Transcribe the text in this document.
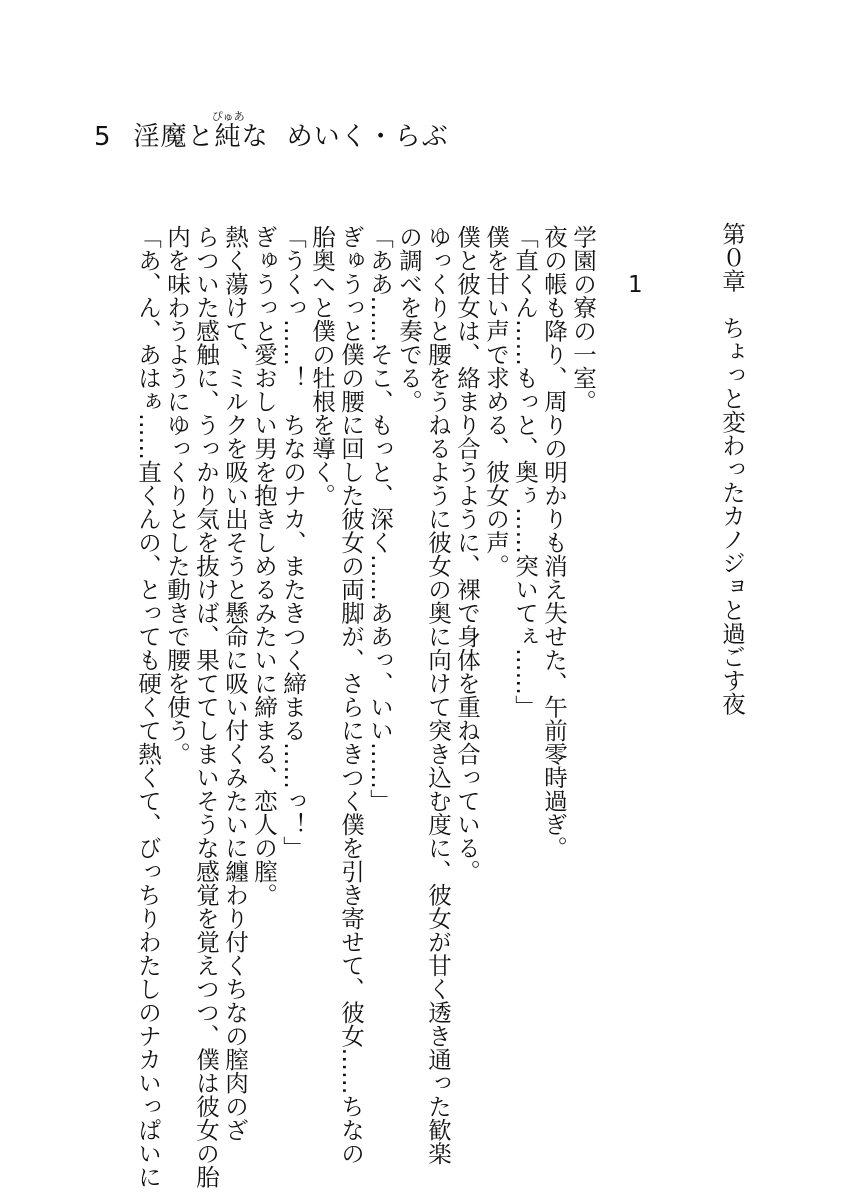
5 淫魔と純ぴゅあな めいく・らぶ
第０章　ちょっと変わったカノジョと過ごす夜
1
学園の寮の一室。
夜の帳も降り、周りの明かりも消え失せた、午前零時過ぎ。
「直くん……もっと、奥ぅ……突いてぇ……」
僕を甘い声で求める、彼女の声。
僕と彼女は、絡まり合うように、裸で身体を重ね合っている。
ゆっくりと腰をうねるように彼女の奥に向けて突き込む度に、彼女が甘く透き通った歓楽
の調べを奏でる。
「ああ……そこ、もっと、深く……ああっ、いい……」
ぎゅうっと僕の腰に回した彼女の両脚が、さらにきつく僕を引き寄せて、彼女……ちなの
胎奥へと僕の牡根を導く。
「うくっ……！　ちなのナカ、またきつく締まる……っ！」
ぎゅうっと愛おしい男を抱きしめるみたいに締まる、恋人の膣。
熱く蕩けて、ミルクを吸い出そうと懸命に吸い付くみたいに纏わり付くちなの膣肉のざ
らついた感触に、うっかり気を抜けば、果ててしまいそうな感覚を覚えつつ、僕は彼女の胎
内を味わうようにゆっくりとした動きで腰を使う。
「あ、ん、あはぁ……直くんの、とっても硬くて熱くて、びっちりわたしのナカいっぱいに
